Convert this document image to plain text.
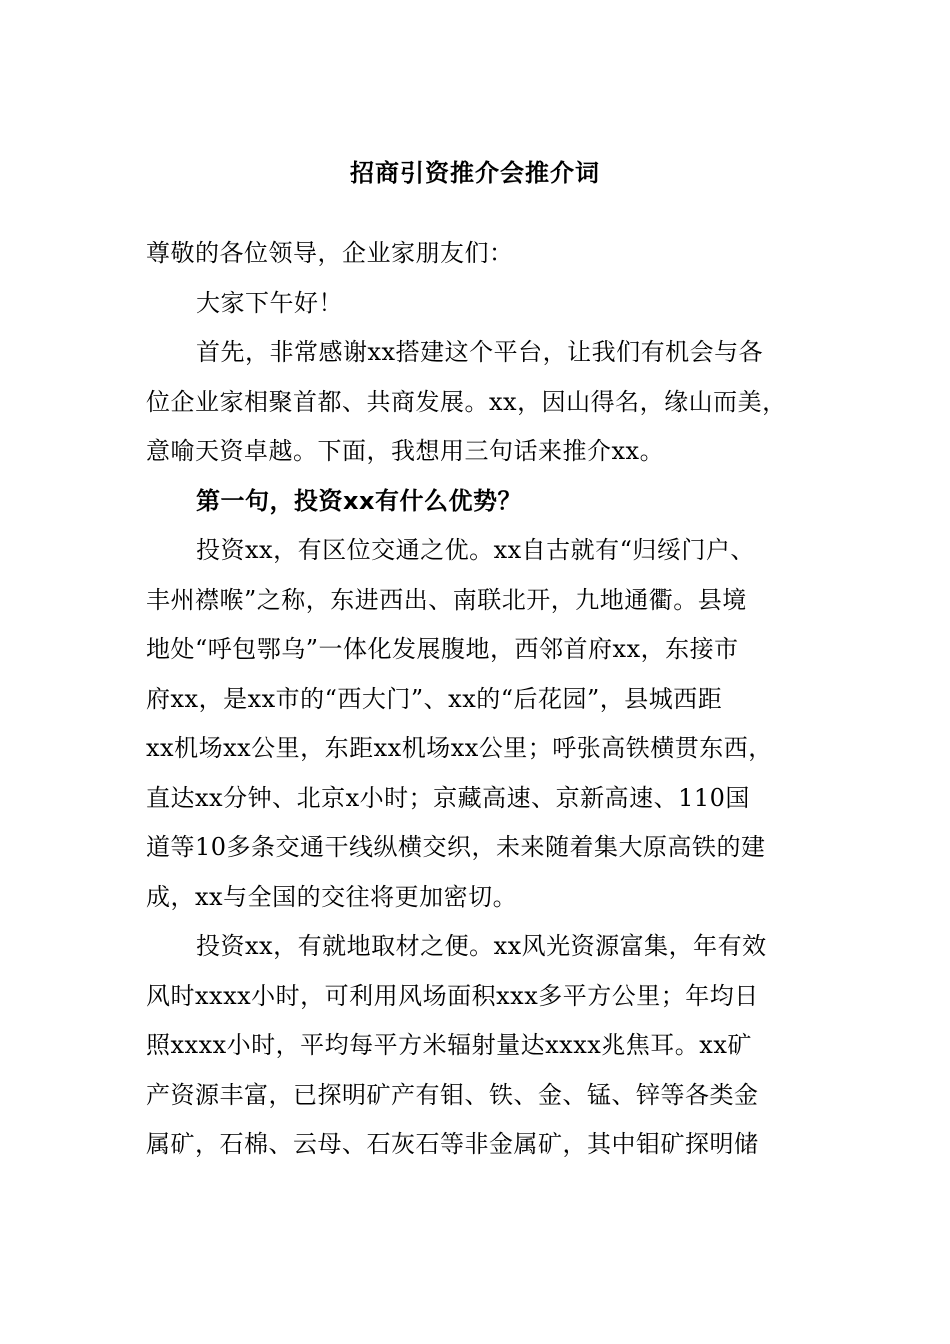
招商引资推介会推介词

尊敬的各位领导，企业家朋友们：

大家下午好！

首先，非常感谢xx搭建这个平台，让我们有机会与各

位企业家相聚首都、共商发展。xx，因山得名，缘山而美，

意喻天资卓越。下面，我想用三句话来推介xx。

第一句，投资xx有什么优势？

投资xx，有区位交通之优。xx自古就有“归绥门户、

丰州襟喉”之称，东进西出、南联北开，九地通衢。县境

地处“呼包鄂乌”一体化发展腹地，西邻首府xx，东接市

府xx，是xx市的“西大门”、xx的“后花园”，县城西距

xx机场xx公里，东距xx机场xx公里；呼张高铁横贯东西，

直达xx分钟、北京x小时；京藏高速、京新高速、110国

道等10多条交通干线纵横交织，未来随着集大原高铁的建

成，xx与全国的交往将更加密切。

投资xx，有就地取材之便。xx风光资源富集，年有效

风时xxxx小时，可利用风场面积xxx多平方公里；年均日

照xxxx小时，平均每平方米辐射量达xxxx兆焦耳。xx矿

产资源丰富，已探明矿产有钼、铁、金、锰、锌等各类金

属矿，石棉、云母、石灰石等非金属矿，其中钼矿探明储
